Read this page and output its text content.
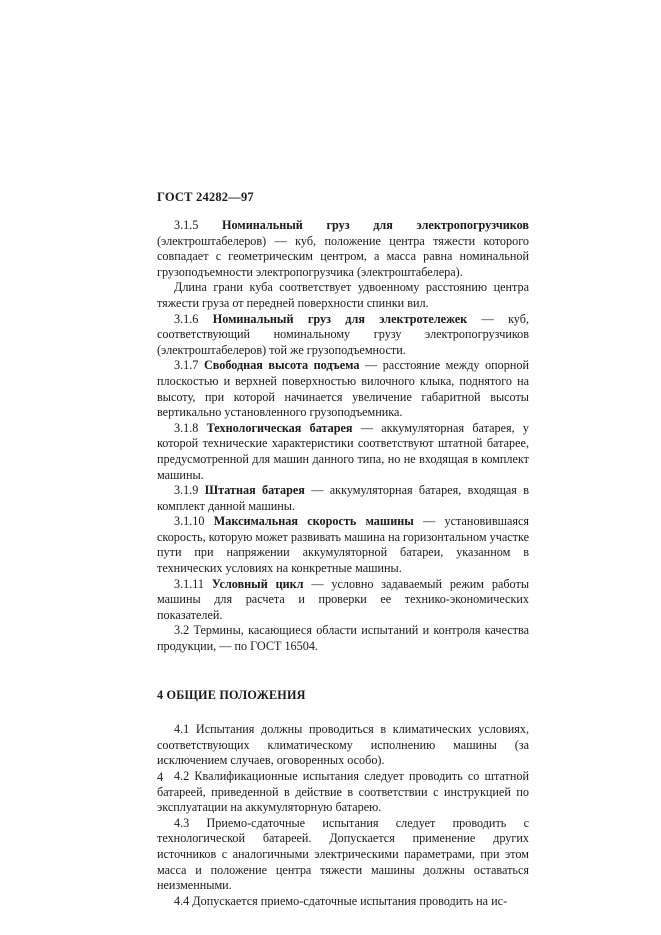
ГОСТ 24282—97

3.1.5 Номинальный груз для электропогрузчиков (электроштабелеров) — куб, положение центра тяжести которого совпадает с геометрическим центром, а масса равна номинальной грузоподъемности электропогрузчика (электроштабелера).

Длина грани куба соответствует удвоенному расстоянию центра тяжести груза от передней поверхности спинки вил.

3.1.6 Номинальный груз для электротележек — куб, соответствующий номинальному грузу электропогрузчиков (электроштабелеров) той же грузоподъемности.

3.1.7 Свободная высота подъема — расстояние между опорной плоскостью и верхней поверхностью вилочного клыка, поднятого на высоту, при которой начинается увеличение габаритной высоты вертикально установленного грузоподъемника.

3.1.8 Технологическая батарея — аккумуляторная батарея, у которой технические характеристики соответствуют штатной батарее, предусмотренной для машин данного типа, но не входящая в комплект машины.

3.1.9 Штатная батарея — аккумуляторная батарея, входящая в комплект данной машины.

3.1.10 Максимальная скорость машины — установившаяся скорость, которую может развивать машина на горизонтальном участке пути при напряжении аккумуляторной батареи, указанном в технических условиях на конкретные машины.

3.1.11 Условный цикл — условно задаваемый режим работы машины для расчета и проверки ее технико-экономических показателей.

3.2 Термины, касающиеся области испытаний и контроля качества продукции, — по ГОСТ 16504.

4 ОБЩИЕ ПОЛОЖЕНИЯ

4.1 Испытания должны проводиться в климатических условиях, соответствующих климатическому исполнению машины (за исключением случаев, оговоренных особо).

4.2 Квалификационные испытания следует проводить со штатной батареей, приведенной в действие в соответствии с инструкцией по эксплуатации на аккумуляторную батарею.

4.3 Приемо-сдаточные испытания следует проводить с технологической батареей. Допускается применение других источников с аналогичными электрическими параметрами, при этом масса и положение центра тяжести машины должны оставаться неизменными.

4.4 Допускается приемо-сдаточные испытания проводить на ис-

4
